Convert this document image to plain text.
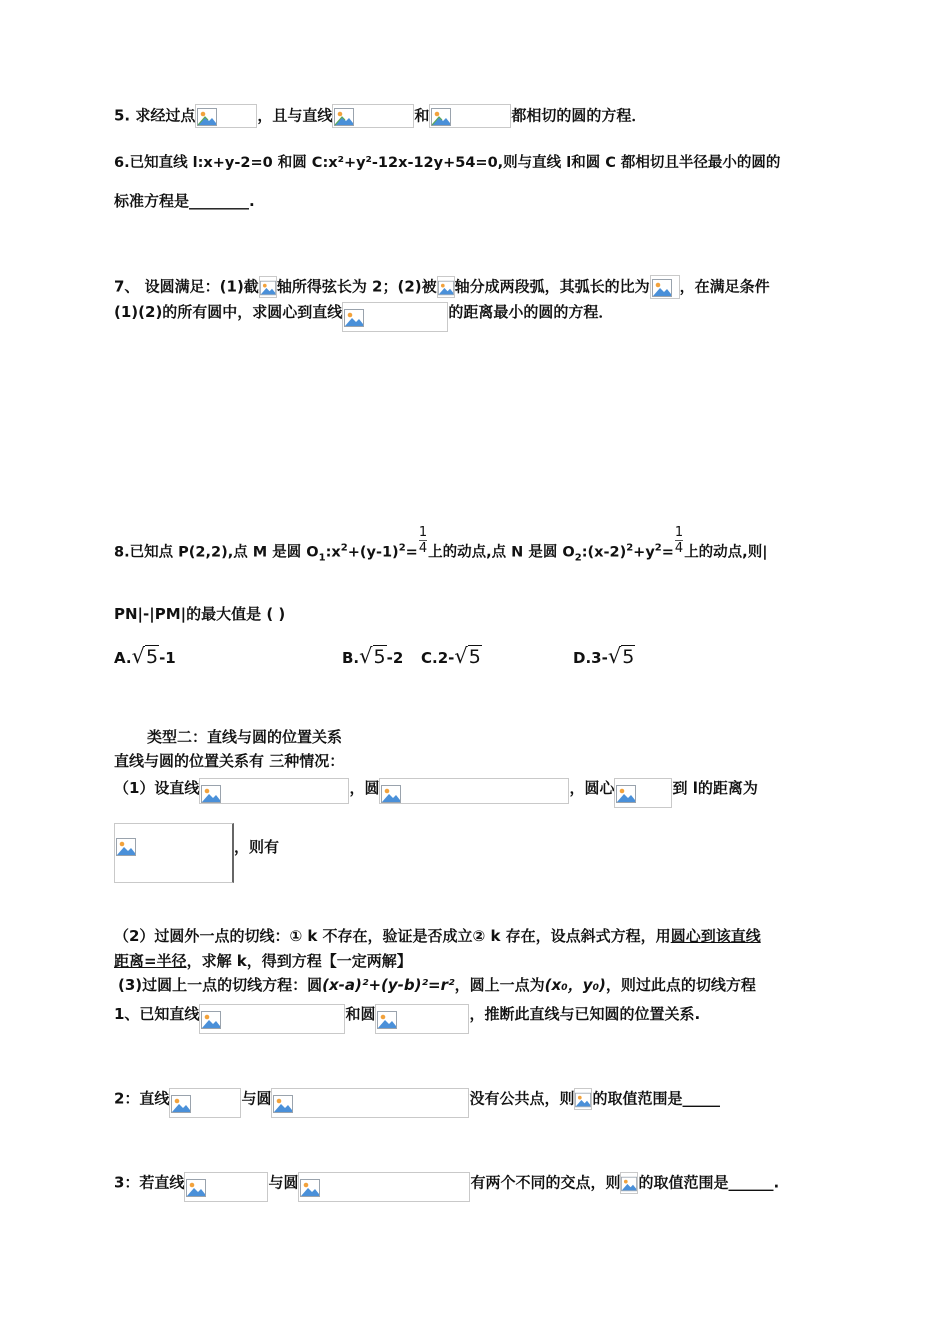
5. 求经过点	，且与直线	和	都相切的圆的方程．
6.已知直线 l:x+y-2=0 和圆 C:x²+y²-12x-12y+54=0,则与直线 l和圆 C 都相切且半径最小的圆的
标准方程是________.
7、 设圆满足：(1)截 轴所得弦长为 2；(2)被 轴分成两段弧，其弧长的比为 ，在满足条件
(1)(2)的所有圆中，求圆心到直线	的距离最小的圆的方程．
8.已知点 P(2,2),点 M 是圆 $O_1:x^2+(y-1)^2= \frac{1}{4}$ 上的动点,点 N 是圆 $O_2:(x-2)^2+y^2= \frac{1}{4}$ 上的动点,则|
PN|-|PM|的最大值是 ( )
A.√5-1	B.√5-2 C.2-√5	D.3-√5
类型二：直线与圆的位置关系
直线与圆的位置关系有 三种情况：
（1）设直线	，圆	，圆心	到 l的距离为
，则有
（2）过圆外一点的切线：① k 不存在，验证是否成立② k 存在，设点斜式方程，用圆心到该直线
距离=半径，求解 k，得到方程【一定两解】
(3)过圆上一点的切线方程：圆(x-a)²+(y-b)²=r²，圆上一点为(x₀，y₀)，则过此点的切线方程
1、已知直线	和圆	，推断此直线与已知圆的位置关系.
2：直线	与圆	没有公共点，则 的取值范围是_____
3：若直线	与圆	有两个不同的交点，则 的取值范围是______.
